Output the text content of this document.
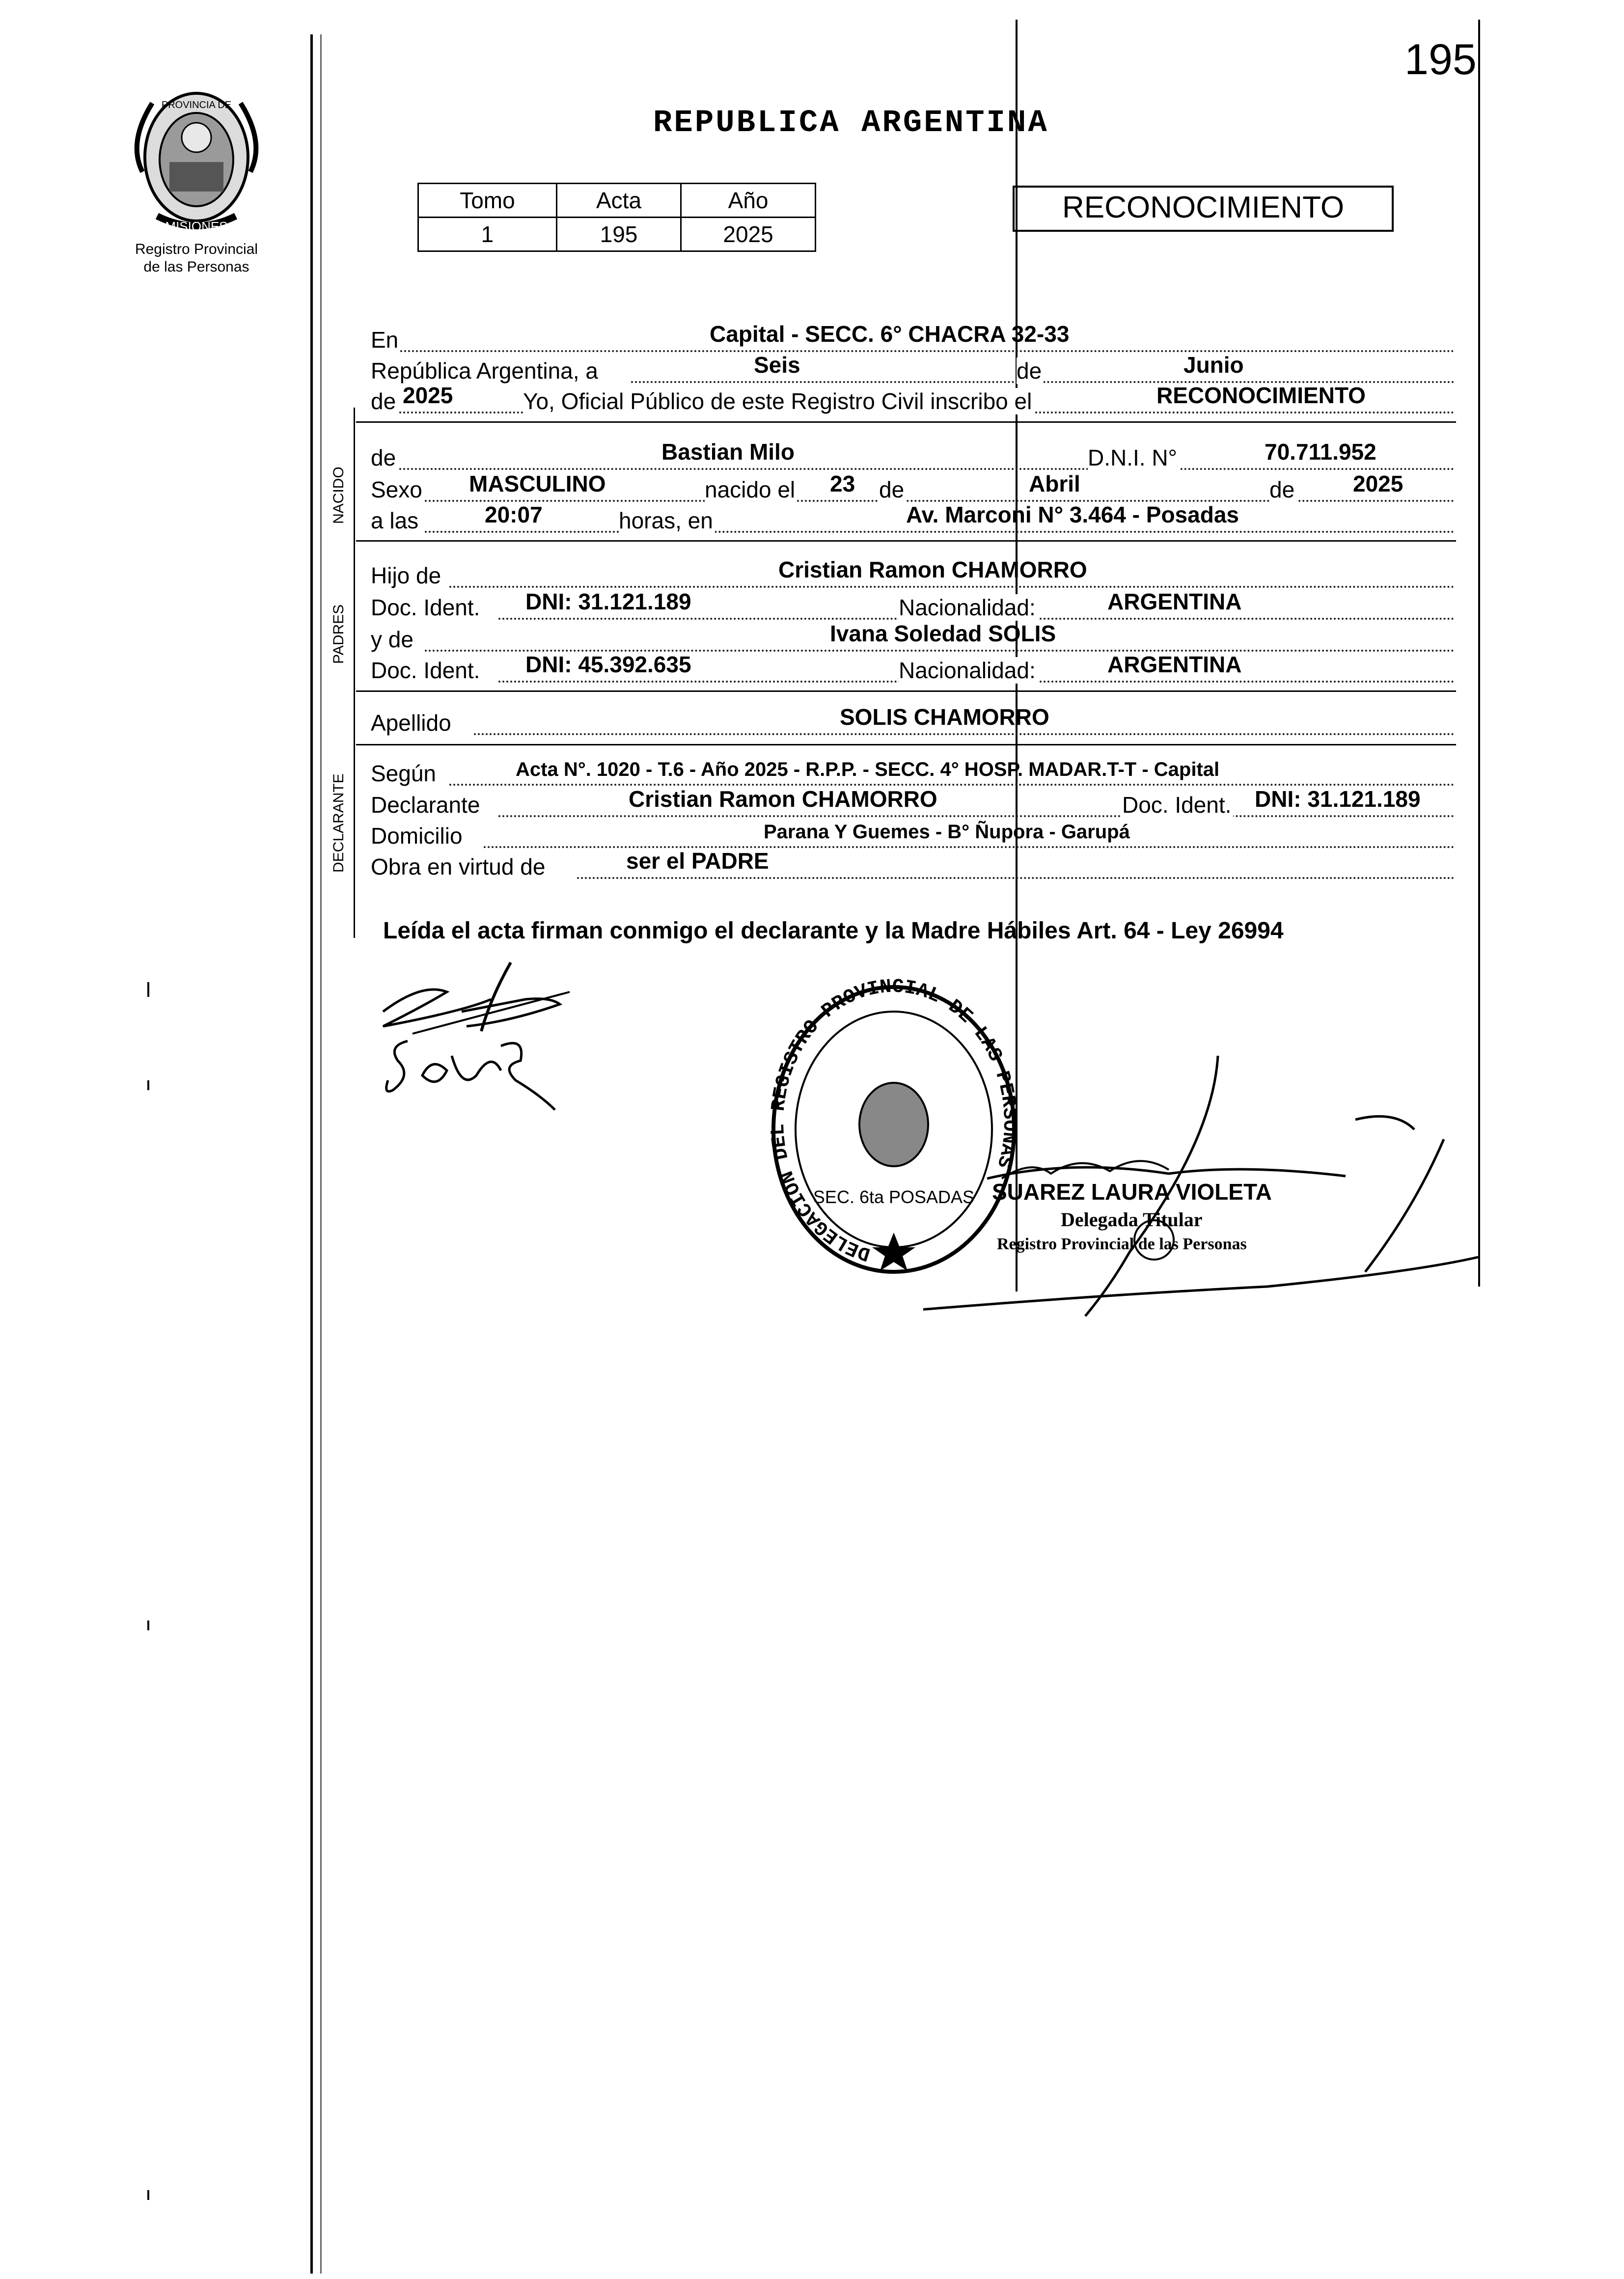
195
MISIONES
PROVINCIA DE
Registro Provincial
de las Personas
REPUBLICA ARGENTINA
Tomo	Acta	Año
1	195	2025
RECONOCIMIENTO
NACIDO
PADRES
DECLARANTE
En	Capital - SECC. 6° CHACRA 32-33
República Argentina, a	Seis	de	Junio
de 2025	Yo, Oficial Público de este Registro Civil inscribo el	RECONOCIMIENTO
de	Bastian Milo	D.N.I. N°	70.711.952
Sexo MASCULINO	nacido el 23 de	Abril	de	2025
a las	20:07	horas, en	Av. Marconi N° 3.464 - Posadas
Hijo de	Cristian Ramon CHAMORRO
Doc. Ident. DNI: 31.121.189	Nacionalidad:	ARGENTINA
y de	Ivana Soledad SOLIS
Doc. Ident. DNI: 45.392.635	Nacionalidad:	ARGENTINA
Apellido	SOLIS CHAMORRO
Según	Acta N°. 1020 - T.6 - Año 2025 - R.P.P. - SECC. 4° HOSP. MADAR.T-T - Capital
Declarante	Cristian Ramon CHAMORRO	Doc. Ident. DNI: 31.121.189
Domicilio	Parana Y Guemes - B° Ñupora - Garupá
Obra en virtud de	ser el PADRE
Leída el acta firman conmigo el declarante y la Madre Hábiles Art. 64 - Ley 26994
DELEGACION DEL REGISTRO PROVINCIAL DE LAS PERSONAS
SEC. 6ta POSADAS SUAREZ LAURA VIOLETA
Delegada Titular
Registro Provincial de las Personas
